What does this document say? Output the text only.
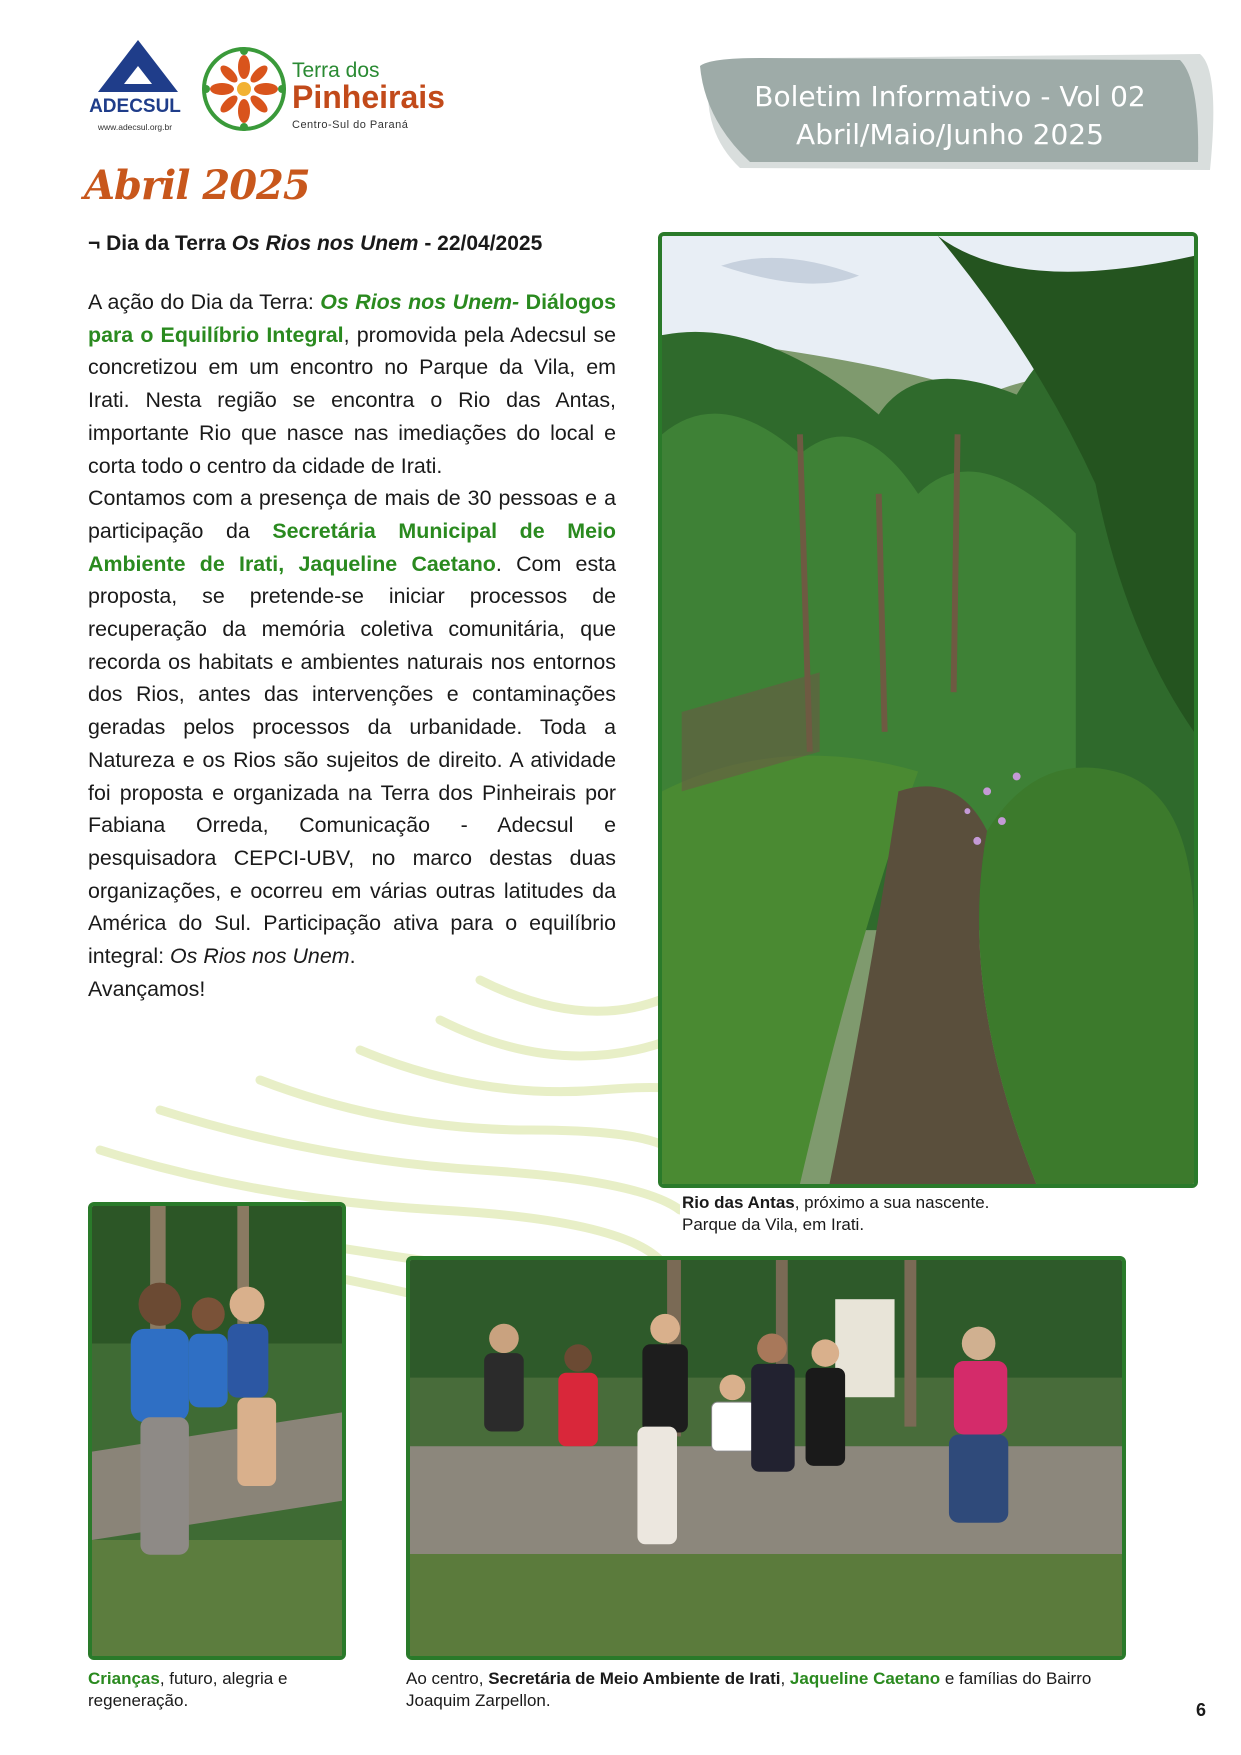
ADECSUL
www.adecsul.org.br
Terra dos
Pinheirais
Centro-Sul do Paraná
Boletim Informativo - Vol 02
Abril/Maio/Junho 2025
Abril 2025
¬ Dia da Terra Os Rios nos Unem - 22/04/2025

A ação do Dia da Terra: Os Rios nos Unem- Diálogos para o Equilíbrio Integral, promovida pela Adecsul se concretizou em um encontro no Parque da Vila, em Irati. Nesta região se encontra o Rio das Antas, importante Rio que nasce nas imediações do local e corta todo o centro da cidade de Irati.

Contamos com a presença de mais de 30 pessoas e a participação da Secretária Municipal de Meio Ambiente de Irati, Jaqueline Caetano. Com esta proposta, se pretende-se iniciar processos de recuperação da memória coletiva comunitária, que recorda os habitats e ambientes naturais nos entornos dos Rios, antes das intervenções e contaminações geradas pelos processos da urbanidade. Toda a Natureza e os Rios são sujeitos de direito. A atividade foi proposta e organizada na Terra dos Pinheirais por Fabiana Orreda, Comunicação - Adecsul e pesquisadora CEPCI-UBV, no marco destas duas organizações, e ocorreu em várias outras latitudes da América do Sul. Participação ativa para o equilíbrio integral: Os Rios nos Unem.

Avançamos!

Rio das Antas, próximo a sua nascente.
Parque da Vila, em Irati.
Crianças, futuro, alegria e regeneração.
Ao centro, Secretária de Meio Ambiente de Irati, Jaqueline Caetano e famílias do Bairro Joaquim Zarpellon.	6
